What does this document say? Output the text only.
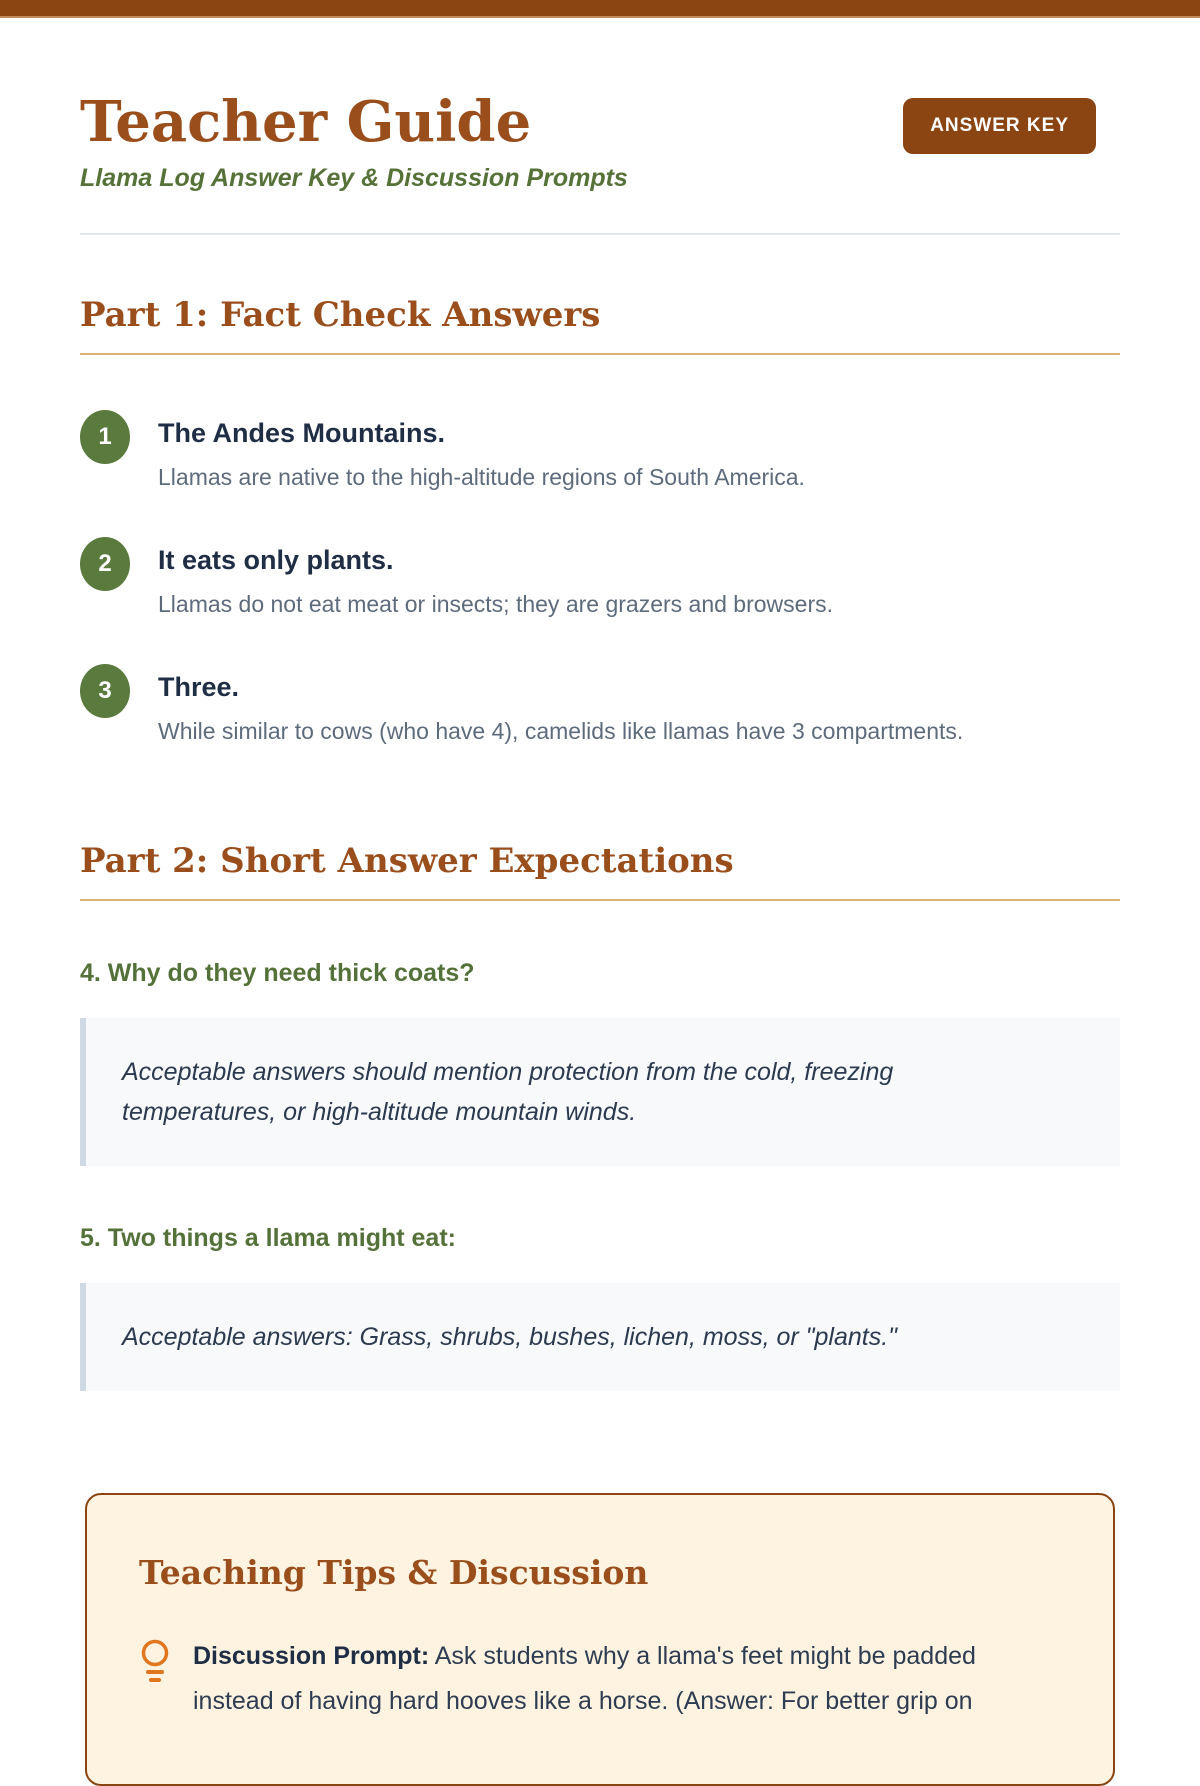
Teacher Guide	ANSWER KEY

Llama Log Answer Key & Discussion Prompts

Part 1: Fact Check Answers
1	The Andes Mountains.

Llamas are native to the high-altitude regions of South America.

2	It eats only plants.

Llamas do not eat meat or insects; they are grazers and browsers.

3	Three.

While similar to cows (who have 4), camelids like llamas have 3 compartments.

Part 2: Short Answer Expectations
4. Why do they need thick coats?

Acceptable answers should mention protection from the cold, freezing temperatures, or high-altitude mountain winds.

5. Two things a llama might eat:

Acceptable answers: Grass, shrubs, bushes, lichen, moss, or "plants."

Teaching Tips & Discussion

Discussion Prompt: Ask students why a llama's feet might be padded instead of having hard hooves like a horse. (Answer: For better grip on
